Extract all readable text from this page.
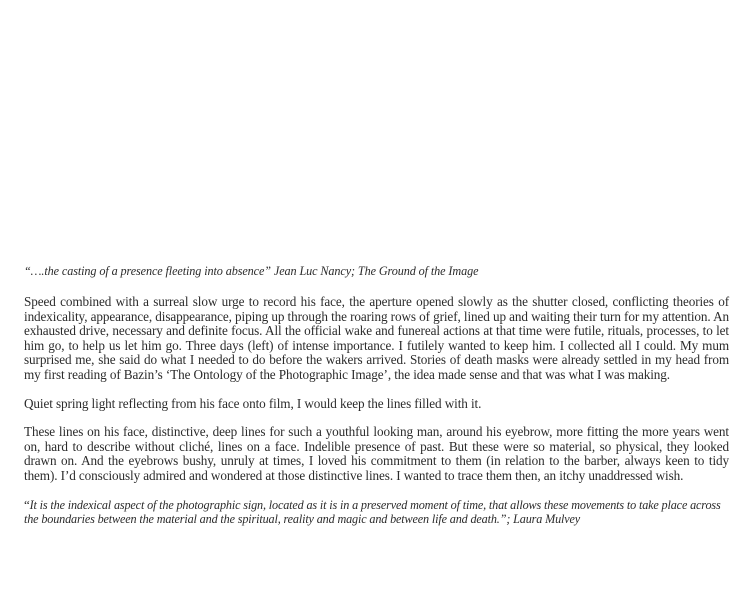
“….the casting of a presence fleeting into absence” Jean Luc Nancy; The Ground of the Image

Speed combined with a surreal slow urge to record his face, the aperture opened slowly as the shutter closed, conflicting theories of indexicality, appearance, disappearance, piping up through the roaring rows of grief, lined up and waiting their turn for my attention. An exhausted drive, necessary and definite focus. All the official wake and funereal actions at that time were futile, rituals, processes, to let him go, to help us let him go. Three days (left) of intense importance. I futilely wanted to keep him. I collected all I could. My mum surprised me, she said do what I needed to do before the wakers arrived. Stories of death masks were already settled in my head from my first reading of Bazin’s ‘The Ontology of the Photographic Image’, the idea made sense and that was what I was making.

Quiet spring light reflecting from his face onto film, I would keep the lines filled with it.

These lines on his face, distinctive, deep lines for such a youthful looking man, around his eyebrow, more fitting the more years went on, hard to describe without cliché, lines on a face. Indelible presence of past. But these were so material, so physical, they looked drawn on. And the eyebrows bushy, unruly at times, I loved his commitment to them (in relation to the barber, always keen to tidy them). I’d consciously admired and wondered at those distinctive lines. I wanted to trace them then, an itchy unaddressed wish.

“It is the indexical aspect of the photographic sign, located as it is in a preserved moment of time, that allows these movements to take place across the boundaries between the material and the spiritual, reality and magic and between life and death.”; Laura Mulvey
